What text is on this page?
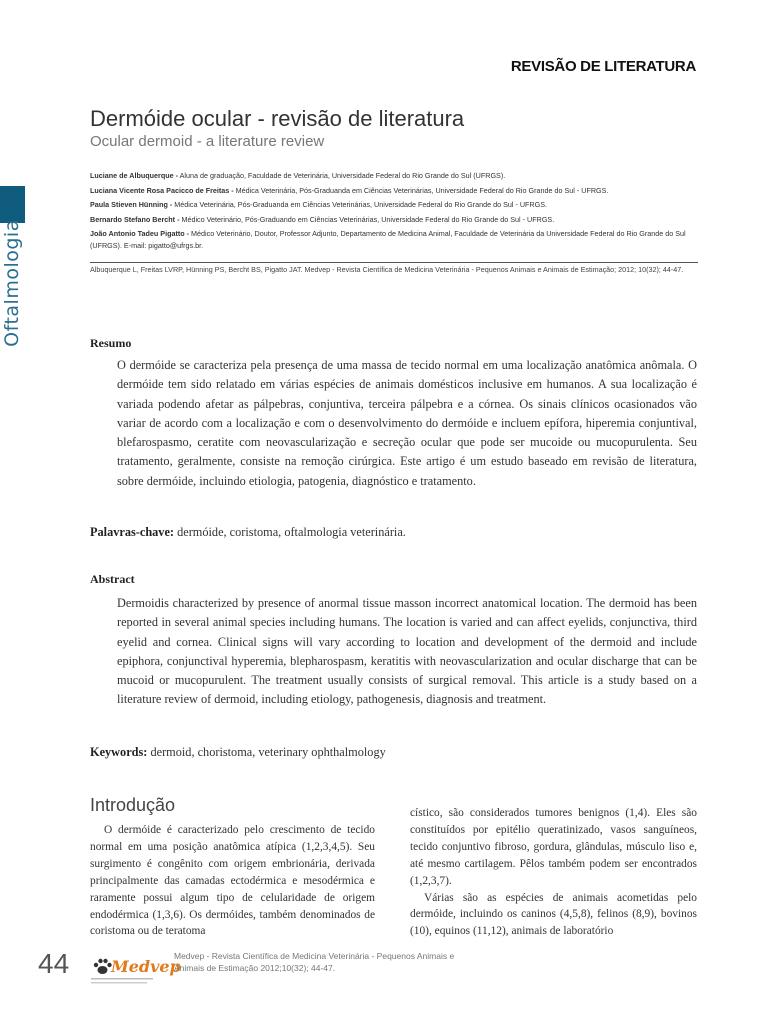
Oftalmologia
REVISÃO DE LITERATURA
Dermóide ocular - revisão de literatura
Ocular dermoid - a literature review
Luciane de Albuquerque - Aluna de graduação, Faculdade de Veterinária, Universidade Federal do Rio Grande do Sul (UFRGS).
Luciana Vicente Rosa Pacicco de Freitas - Médica Veterinária, Pós-Graduanda em Ciências Veterinárias, Universidade Federal do Rio Grande do Sul - UFRGS.
Paula Stieven Hünning - Médica Veterinária, Pós-Graduanda em Ciências Veterinárias, Universidade Federal do Rio Grande do Sul - UFRGS.
Bernardo Stefano Bercht - Médico Veterinário, Pós-Graduando em Ciências Veterinárias, Universidade Federal do Rio Grande do Sul - UFRGS.
João Antonio Tadeu Pigatto - Médico Veterinário, Doutor, Professor Adjunto, Departamento de Medicina Animal, Faculdade de Veterinária da Universidade Federal do Rio Grande do Sul (UFRGS). E-mail: pigatto@ufrgs.br.
Albuquerque L, Freitas LVRP, Hünning PS, Bercht BS, Pigatto JAT. Medvep - Revista Científica de Medicina Veterinária - Pequenos Animais e Animais de Estimação; 2012; 10(32); 44-47.
Resumo
O dermóide se caracteriza pela presença de uma massa de tecido normal em uma localização anatômica anômala. O dermóide tem sido relatado em várias espécies de animais domésticos inclusive em humanos. A sua localização é variada podendo afetar as pálpebras, conjuntiva, terceira pálpebra e a córnea. Os sinais clínicos ocasionados vão variar de acordo com a localização e com o desenvolvimento do dermóide e incluem epífora, hiperemia conjuntival, blefarospasmo, ceratite com neovascularização e secreção ocular que pode ser mucoide ou mucopurulenta. Seu tratamento, geralmente, consiste na remoção cirúrgica. Este artigo é um estudo baseado em revisão de literatura, sobre dermóide, incluindo etiologia, patogenia, diagnóstico e tratamento.
Palavras-chave: dermóide, coristoma, oftalmologia veterinária.
Abstract
Dermoidis characterized by presence of anormal tissue masson incorrect anatomical location. The dermoid has been reported in several animal species including humans. The location is varied and can affect eyelids, conjunctiva, third eyelid and cornea. Clinical signs will vary according to location and development of the dermoid and include epiphora, conjunctival hyperemia, blepharospasm, keratitis with neovascularization and ocular discharge that can be mucoid or mucopurulent. The treatment usually consists of surgical removal. This article is a study based on a literature review of dermoid, including etiology, pathogenesis, diagnosis and treatment.
Keywords: dermoid, choristoma, veterinary ophthalmology
Introdução

O dermóide é caracterizado pelo crescimento de tecido normal em uma posição anatômica atípica (1,2,3,4,5). Seu surgimento é congênito com origem embrionária, derivada principalmente das camadas ectodérmica e mesodérmica e raramente possui algum tipo de celularidade de origem endodérmica (1,3,6). Os dermóides, também denominados de coristoma ou de teratoma

cístico, são considerados tumores benignos (1,4). Eles são constituídos por epitélio queratinizado, vasos sanguíneos, tecido conjuntivo fibroso, gordura, glândulas, músculo liso e, até mesmo cartilagem. Pêlos também podem ser encontrados (1,2,3,7).

Várias são as espécies de animais acometidas pelo dermóide, incluindo os caninos (4,5,8), felinos (8,9), bovinos (10), equinos (11,12), animais de laboratório

44	Medvep
Medvep - Revista Científica de Medicina Veterinária - Pequenos Animais e Animais de Estimação 2012;10(32); 44-47.
